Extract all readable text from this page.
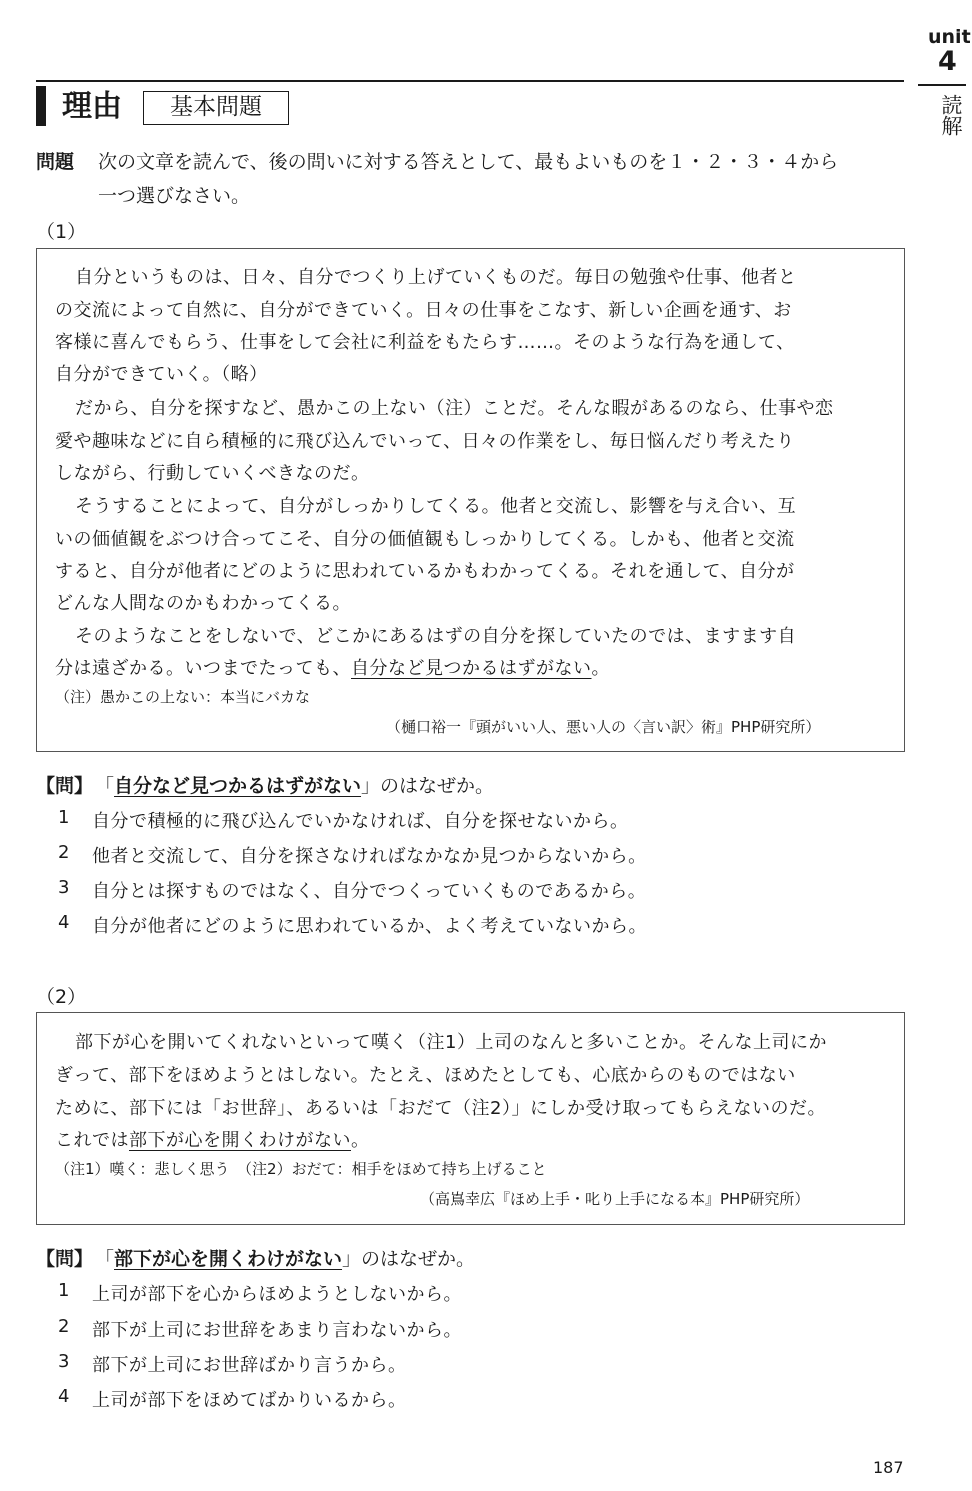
unit
4
読解
理由	基本問題
問題 次の文章を読んで、後の問いに対する答えとして、最もよいものを１・２・３・４から
一つ選びなさい。
（1）
自分というものは、日々、自分でつくり上げていくものだ。毎日の勉強や仕事、他者と
の交流によって自然に、自分ができていく。日々の仕事をこなす、新しい企画を通す、お
客様に喜んでもらう、仕事をして会社に利益をもたらす……。そのような行為を通して、
自分ができていく。（略）
だから、自分を探すなど、愚かこの上ない（注）ことだ。そんな暇があるのなら、仕事や恋
愛や趣味などに自ら積極的に飛び込んでいって、日々の作業をし、毎日悩んだり考えたり
しながら、行動していくべきなのだ。
そうすることによって、自分がしっかりしてくる。他者と交流し、影響を与え合い、互
いの価値観をぶつけ合ってこそ、自分の価値観もしっかりしてくる。しかも、他者と交流
すると、自分が他者にどのように思われているかもわかってくる。それを通して、自分が
どんな人間なのかもわかってくる。
そのようなことをしないで、どこかにあるはずの自分を探していたのでは、ますます自
分は遠ざかる。いつまでたっても、自分など見つかるはずがない。
（注）愚かこの上ない：本当にバカな
（樋口裕一『頭がいい人、悪い人の〈言い訳〉術』PHP研究所）
【問】 「自分など見つかるはずがない」のはなぜか。
1 自分で積極的に飛び込んでいかなければ、自分を探せないから。
2 他者と交流して、自分を探さなければなかなか見つからないから。
3 自分とは探すものではなく、自分でつくっていくものであるから。
4 自分が他者にどのように思われているか、よく考えていないから。
（2）
部下が心を開いてくれないといって嘆く（注1）上司のなんと多いことか。そんな上司にか
ぎって、部下をほめようとはしない。たとえ、ほめたとしても、心底からのものではない
ために、部下には「お世辞」、あるいは「おだて（注2）」にしか受け取ってもらえないのだ。
これでは部下が心を開くわけがない。
（注1）嘆く：悲しく思う　（注2）おだて：相手をほめて持ち上げること
（高嶌幸広『ほめ上手・叱り上手になる本』PHP研究所）
【問】 「部下が心を開くわけがない」のはなぜか。
1 上司が部下を心からほめようとしないから。
2 部下が上司にお世辞をあまり言わないから。
3 部下が上司にお世辞ばかり言うから。
4 上司が部下をほめてばかりいるから。
187
